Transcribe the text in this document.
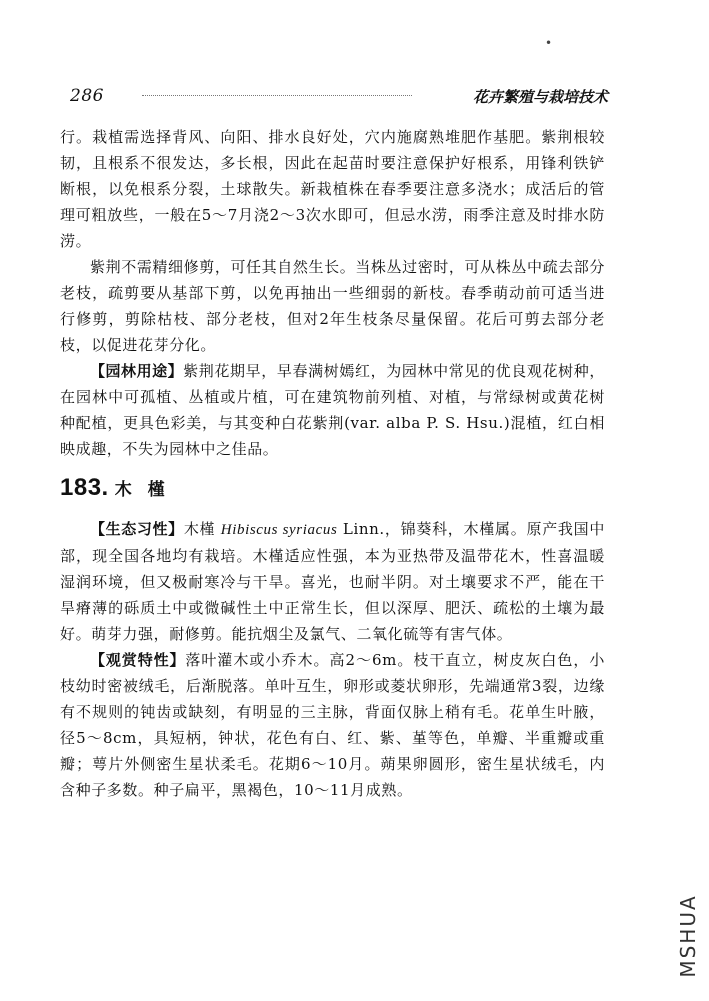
•
286	花卉繁殖与栽培技术

行。栽植需选择背风、向阳、排水良好处，穴内施腐熟堆肥作基肥。紫荆根较韧，且根系不很发达，多长根，因此在起苗时要注意保护好根系，用锋利铁铲断根，以免根系分裂，土球散失。新栽植株在春季要注意多浇水；成活后的管理可粗放些，一般在5～7月浇2～3次水即可，但忌水涝，雨季注意及时排水防涝。

紫荆不需精细修剪，可任其自然生长。当株丛过密时，可从株丛中疏去部分老枝，疏剪要从基部下剪，以免再抽出一些细弱的新枝。春季萌动前可适当进行修剪，剪除枯枝、部分老枝，但对2年生枝条尽量保留。花后可剪去部分老枝，以促进花芽分化。

【园林用途】紫荆花期早，早春满树嫣红，为园林中常见的优良观花树种，在园林中可孤植、丛植或片植，可在建筑物前列植、对植，与常绿树或黄花树种配植，更具色彩美，与其变种白花紫荆(var. alba P. S. Hsu.)混植，红白相映成趣，不失为园林中之佳品。

183. 木槿

【生态习性】木槿 Hibiscus syriacus Linn.，锦葵科，木槿属。原产我国中部，现全国各地均有栽培。木槿适应性强，本为亚热带及温带花木，性喜温暖湿润环境，但又极耐寒冷与干旱。喜光，也耐半阴。对土壤要求不严，能在干旱瘠薄的砾质土中或微碱性土中正常生长，但以深厚、肥沃、疏松的土壤为最好。萌芽力强，耐修剪。能抗烟尘及氯气、二氧化硫等有害气体。

【观赏特性】落叶灌木或小乔木。高2～6m。枝干直立，树皮灰白色，小枝幼时密被绒毛，后渐脱落。单叶互生，卵形或菱状卵形，先端通常3裂，边缘有不规则的钝齿或缺刻，有明显的三主脉，背面仅脉上稍有毛。花单生叶腋，径5～8cm，具短柄，钟状，花色有白、红、紫、堇等色，单瓣、半重瓣或重瓣；萼片外侧密生星状柔毛。花期6～10月。蒴果卵圆形，密生星状绒毛，内含种子多数。种子扁平，黑褐色，10～11月成熟。

MSHUA
